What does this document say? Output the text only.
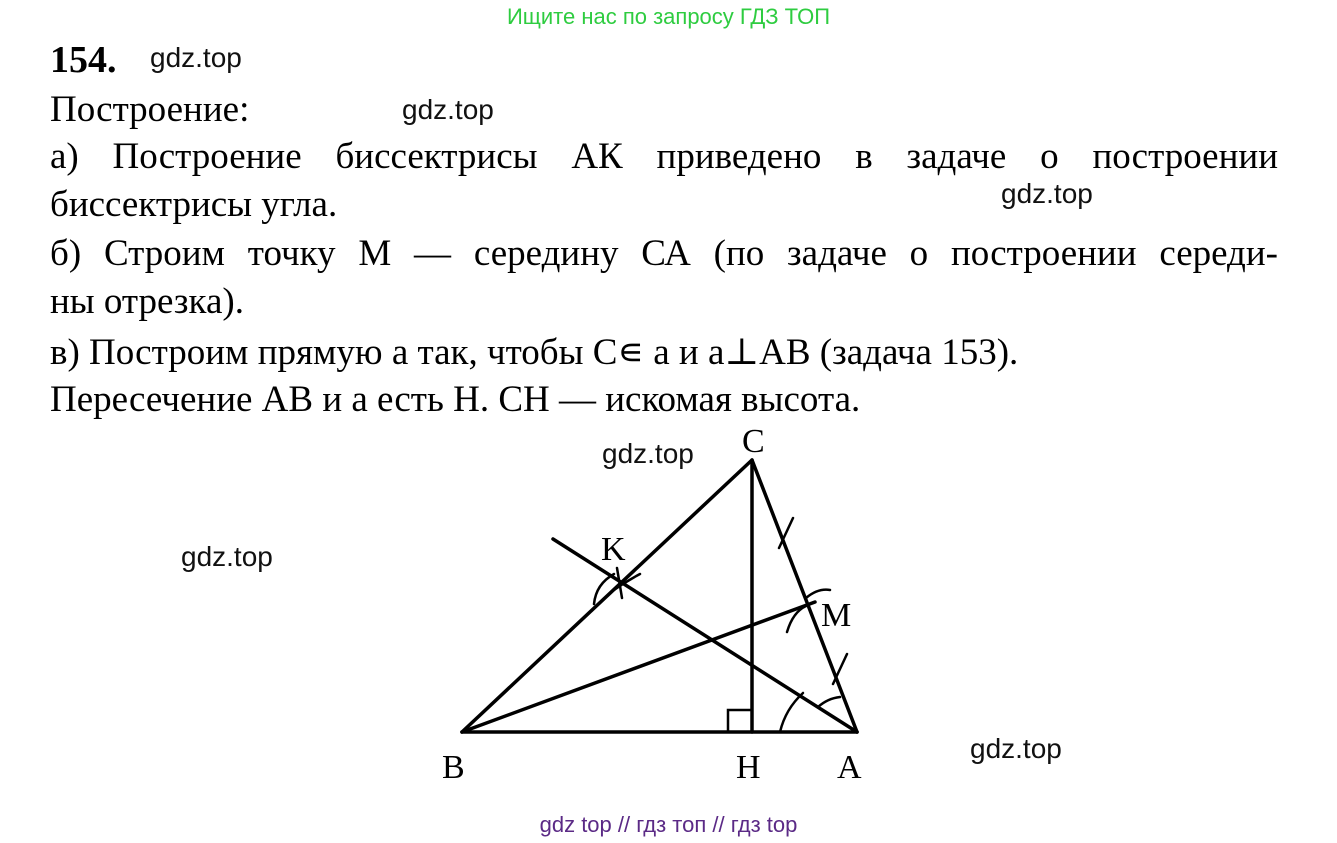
Ищите нас по запросу ГДЗ ТОП
154. gdz.top
Построение:	gdz.top
а) Построение биссектрисы АК приведено в задаче о построении
биссектрисы угла.	gdz.top
б) Строим точку М — середину СА (по задаче о построении середи-
ны отрезка).
в) Построим прямую а так, чтобы С∊ а и а⊥АВ (задача 153).
Пересечение АВ и а есть Н. СН — искомая высота.
gdz.top
gdz.top
gdz.top
C
K
M
B	H A
gdz top // гдз топ // гдз top
